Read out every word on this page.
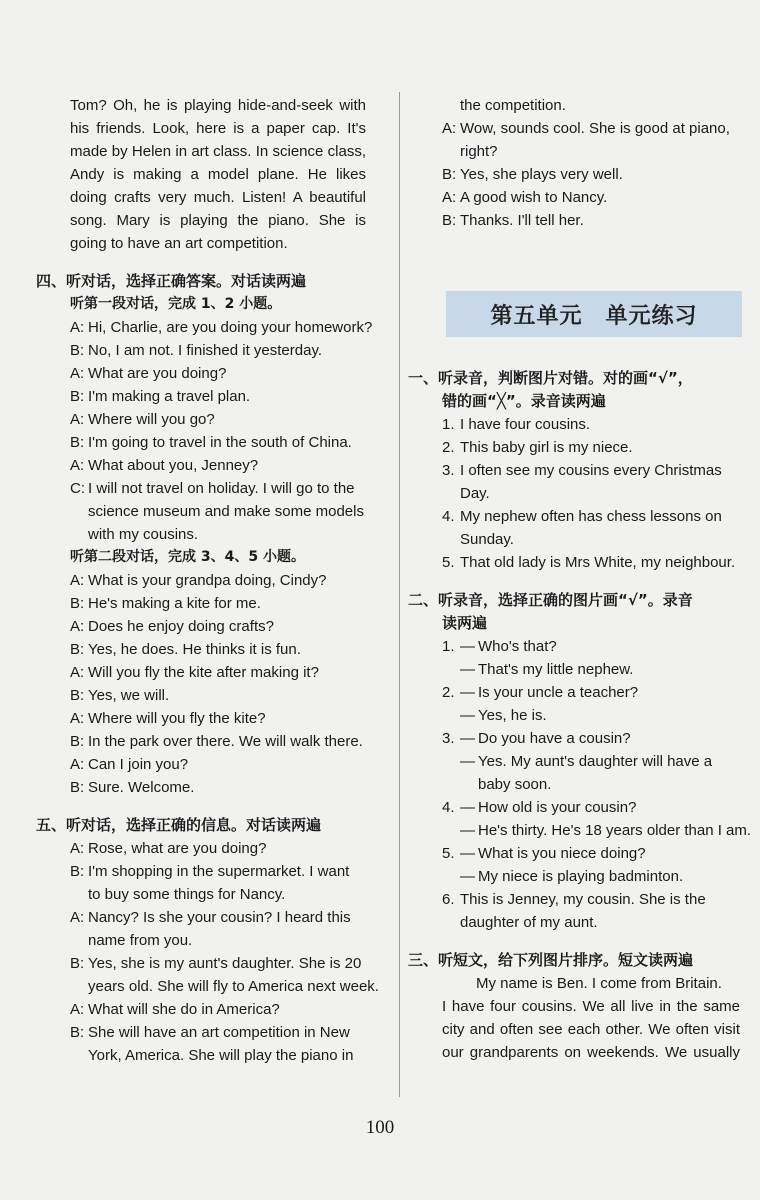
Tom? Oh, he is playing hide-and-seek with
his friends. Look, here is a paper cap. It's
made by Helen in art class. In science class,
Andy is making a model plane. He likes
doing crafts very much. Listen! A beautiful
song. Mary is playing the piano. She is
going to have an art competition.
四、听对话，选择正确答案。对话读两遍
听第一段对话，完成 1、2 小题。
A: Hi, Charlie, are you doing your homework?
B: No, I am not. I finished it yesterday.
A: What are you doing?
B: I'm making a travel plan.
A: Where will you go?
B: I'm going to travel in the south of China.
A: What about you, Jenney?
C: I will not travel on holiday. I will go to the
science museum and make some models
with my cousins.
听第二段对话，完成 3、4、5 小题。
A: What is your grandpa doing, Cindy?
B: He's making a kite for me.
A: Does he enjoy doing crafts?
B: Yes, he does. He thinks it is fun.
A: Will you fly the kite after making it?
B: Yes, we will.
A: Where will you fly the kite?
B: In the park over there. We will walk there.
A: Can I join you?
B: Sure. Welcome.
五、听对话，选择正确的信息。对话读两遍
A: Rose, what are you doing?
B: I'm shopping in the supermarket. I want
to buy some things for Nancy.
A: Nancy? Is she your cousin? I heard this
name from you.
B: Yes, she is my aunt's daughter. She is 20
years old. She will fly to America next week.
A: What will she do in America?
B: She will have an art competition in New
York, America. She will play the piano in
the competition.
A: Wow, sounds cool. She is good at piano,
right?
B: Yes, she plays very well.
A: A good wish to Nancy.
B: Thanks. I'll tell her.
第五单元　单元练习
一、听录音，判断图片对错。对的画“√”，
错的画“╳”。录音读两遍
1. I have four cousins.
2. This baby girl is my niece.
3. I often see my cousins every Christmas
Day.
4. My nephew often has chess lessons on
Sunday.
5. That old lady is Mrs White, my neighbour.
二、听录音，选择正确的图片画“√”。录音
读两遍
1. — Who's that?
— That's my little nephew.
2. — Is your uncle a teacher?
— Yes, he is.
3. — Do you have a cousin?
— Yes. My aunt's daughter will have a
baby soon.
4. — How old is your cousin?
— He's thirty. He's 18 years older than I am.
5. — What is you niece doing?
— My niece is playing badminton.
6. This is Jenney, my cousin. She is the
daughter of my aunt.
三、听短文，给下列图片排序。短文读两遍
My name is Ben. I come from Britain.
I have four cousins. We all live in the same
city and often see each other. We often visit
our grandparents on weekends. We usually
100
